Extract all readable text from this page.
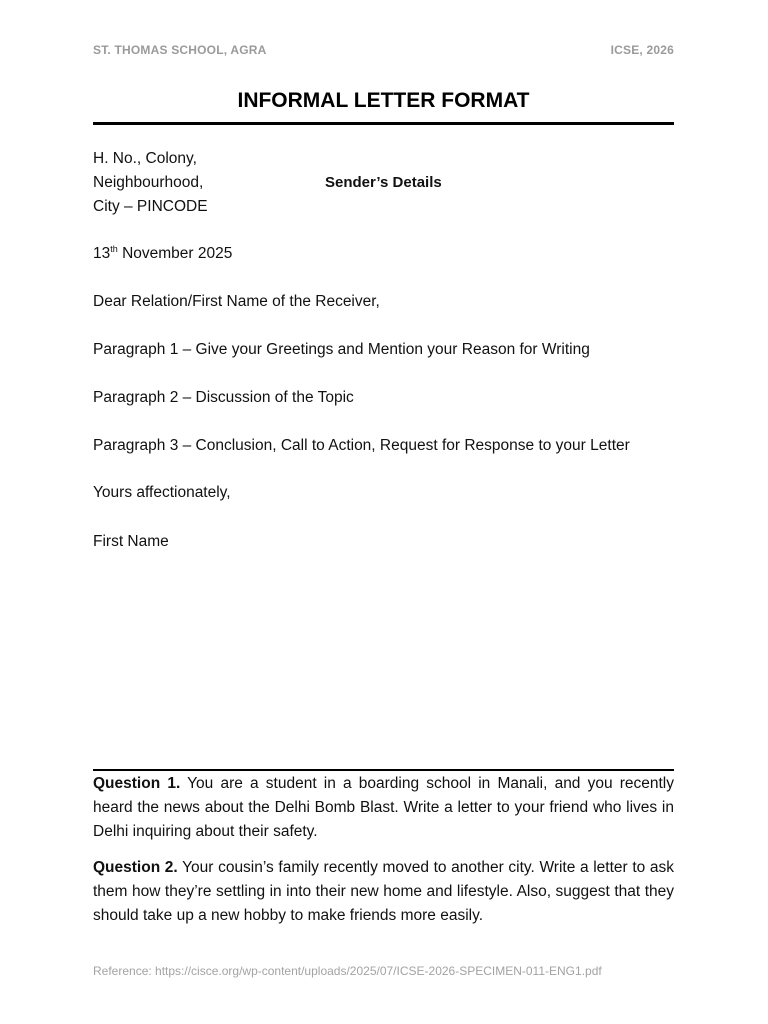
ST. THOMAS SCHOOL, AGRA	ICSE, 2026
INFORMAL LETTER FORMAT
H. No., Colony,
Neighbourhood,
City – PINCODE
Sender’s Details
13th November 2025
Dear Relation/First Name of the Receiver,
Paragraph 1 – Give your Greetings and Mention your Reason for Writing
Paragraph 2 – Discussion of the Topic
Paragraph 3 – Conclusion, Call to Action, Request for Response to your Letter
Yours affectionately,
First Name
Question 1. You are a student in a boarding school in Manali, and you recently heard the news about the Delhi Bomb Blast. Write a letter to your friend who lives in Delhi inquiring about their safety.
Question 2. Your cousin’s family recently moved to another city. Write a letter to ask them how they’re settling in into their new home and lifestyle. Also, suggest that they should take up a new hobby to make friends more easily.
Reference: https://cisce.org/wp-content/uploads/2025/07/ICSE-2026-SPECIMEN-011-ENG1.pdf
